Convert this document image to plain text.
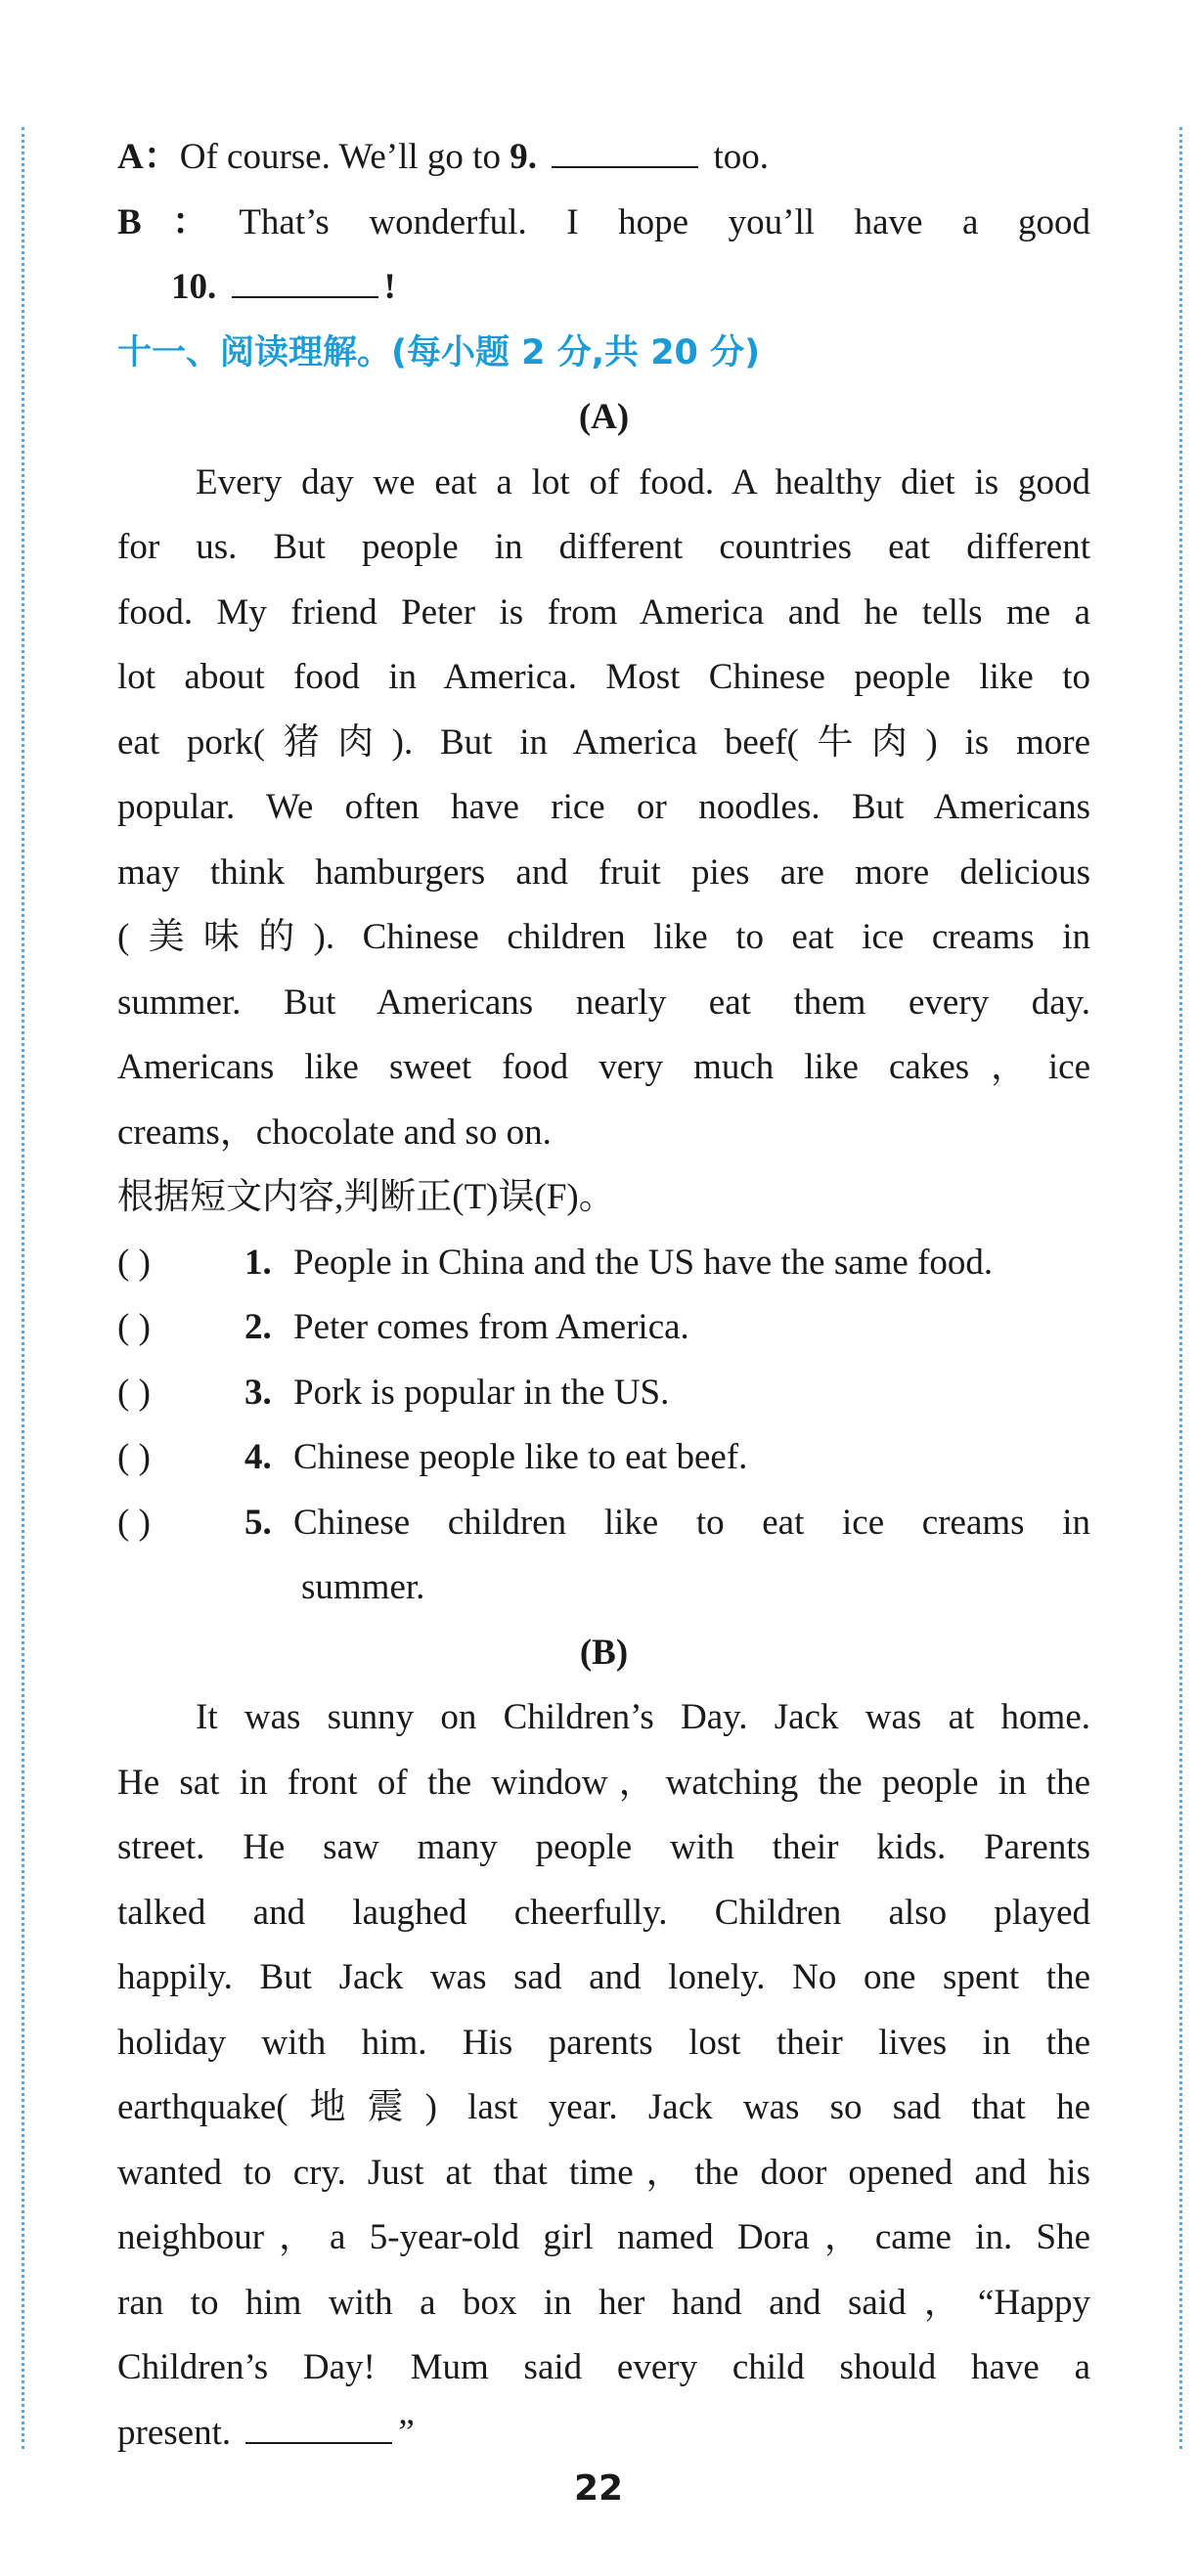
A：Of course. We’ll go to 9.	too.
B：That’s wonderful. I hope you’ll have a good
10.	!
十一、阅读理解。(每小题 2 分,共 20 分)
(A)
Every day we eat a lot of food. A healthy diet is good
for us. But people in different countries eat different
food. My friend Peter is from America and he tells me a
lot about food in America. Most Chinese people like to
eat pork(猪肉). But in America beef(牛肉) is more
popular. We often have rice or noodles. But Americans
may think hamburgers and fruit pies are more delicious
(美味的). Chinese children like to eat ice creams in
summer. But Americans nearly eat them every day.
Americans like sweet food very much like cakes，ice
creams，chocolate and so on.
根据短文内容,判断正(T)误(F)。
( )	1. People in China and the US have the same food.
( )	2. Peter comes from America.
( )	3. Pork is popular in the US.
( )	4. Chinese people like to eat beef.
( )	5. Chinese children like to eat ice creams in
summer.
(B)
It was sunny on Children’s Day. Jack was at home.
He sat in front of the window，watching the people in the
street. He saw many people with their kids. Parents
talked and laughed cheerfully. Children also played
happily. But Jack was sad and lonely. No one spent the
holiday with him. His parents lost their lives in the
earthquake(地震) last year. Jack was so sad that he
wanted to cry. Just at that time，the door opened and his
neighbour，a 5-year-old girl named Dora，came in. She
ran to him with a box in her hand and said，“Happy
Children’s Day! Mum said every child should have a
present.	”
22
